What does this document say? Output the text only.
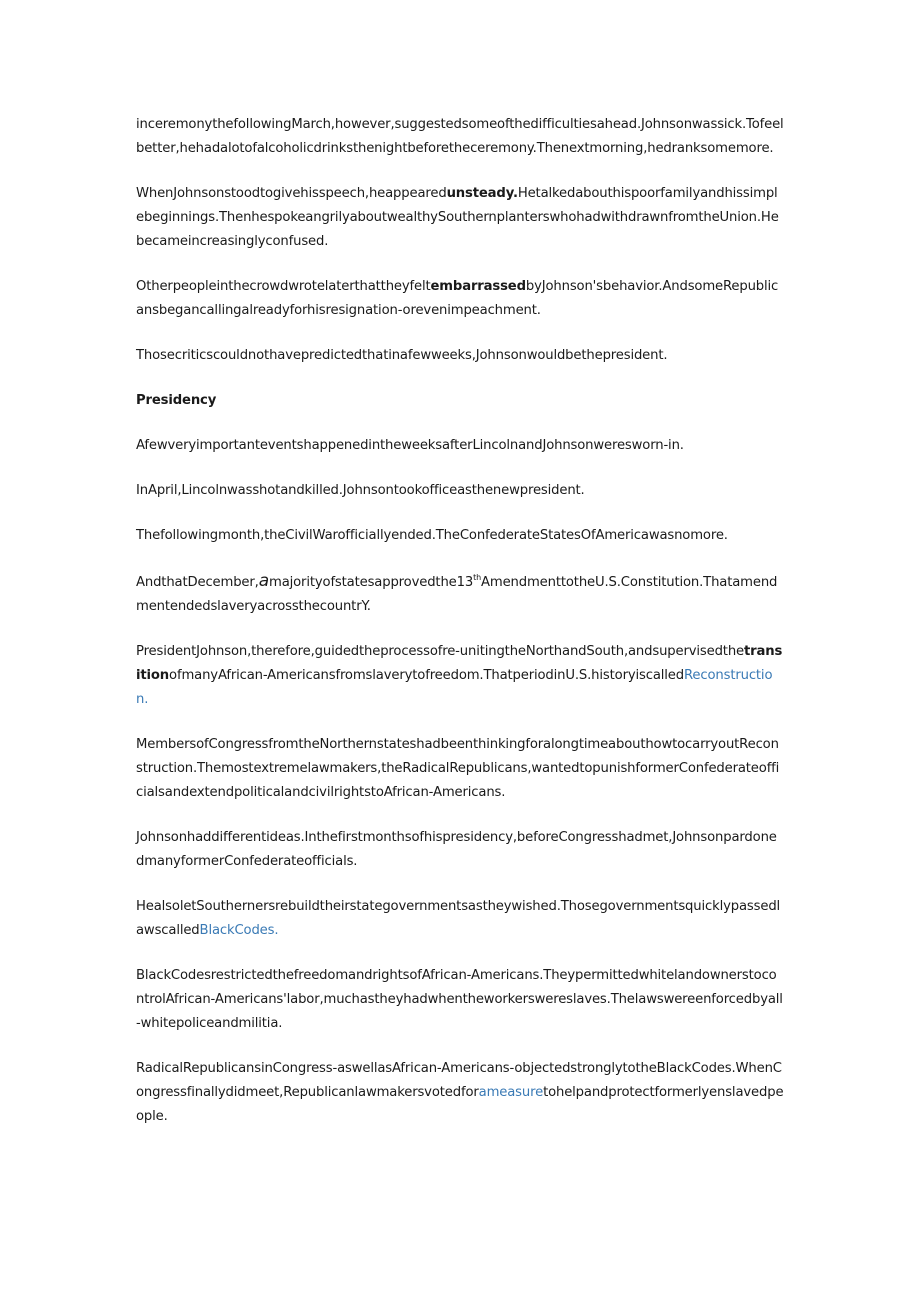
inceremonythefollowingMarch,however,suggestedsomeofthedifficultiesahead.Johnsonwassick.Tofeelbetter,hehadalotofalcoholicdrinksthenightbeforetheceremony.Thenextmorning,hedranksomemore.

WhenJohnsonstoodtogivehisspeech,heappearedunsteady.Hetalkedabouthispoorfamilyandhissimplebeginnings.ThenhespokeangrilyaboutwealthySouthernplanterswhohadwithdrawnfromtheUnion.Hebecameincreasinglyconfused.

OtherpeopleinthecrowdwrotelaterthattheyfeltembarrassedbyJohnson'sbehavior.AndsomeRepublicansbegancallingalreadyforhisresignation-orevenimpeachment.

Thosecriticscouldnothavepredictedthatinafewweeks,Johnsonwouldbethepresident.

Presidency

AfewveryimportanteventshappenedintheweeksafterLincolnandJohnsonweresworn-in.

InApril,Lincolnwasshotandkilled.Johnsontookofficeasthenewpresident.

Thefollowingmonth,theCivilWarofficiallyended.TheConfederateStatesOfAmericawasnomore.

AndthatDecember,amajorityofstatesapprovedthe13thAmendmenttotheU.S.Constitution.ThatamendmentendedslaveryacrossthecountrY.

PresidentJohnson,therefore,guidedtheprocessofre-unitingtheNorthandSouth,andsupervisedthetransitionofmanyAfrican-Americansfromslaverytofreedom.ThatperiodinU.S.historyiscalledReconstruction.

MembersofCongressfromtheNorthernstateshadbeenthinkingforalongtimeabouthowtocarryoutReconstruction.Themostextremelawmakers,theRadicalRepublicans,wantedtopunishformerConfederateofficialsandextendpoliticalandcivilrightstoAfrican-Americans.

Johnsonhaddifferentideas.Inthefirstmonthsofhispresidency,beforeCongresshadmet,JohnsonpardonedmanyformerConfederateofficials.

HealsoletSouthernersrebuildtheirstategovernmentsastheywished.ThosegovernmentsquicklypassedlawscalledBlackCodes.

BlackCodesrestrictedthefreedomandrightsofAfrican-Americans.TheypermittedwhitelandownerstocontrolAfrican-Americans'labor,muchastheyhadwhentheworkerswereslaves.Thelawswereenforcedbyall-whitepoliceandmilitia.

RadicalRepublicansinCongress-aswellasAfrican-Americans-objectedstronglytotheBlackCodes.WhenCongressfinallydidmeet,Republicanlawmakersvotedforameasuretohelpandprotectformerlyenslavedpeople.
